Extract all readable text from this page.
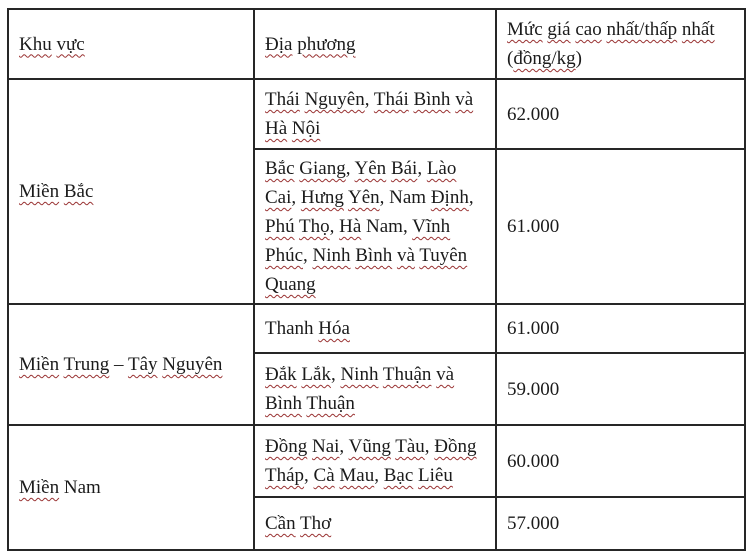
Khu vực	Địa phương	Mức giá cao nhất/thấp nhất (đồng/kg)
Miền Bắc	Thái Nguyên, Thái Bình và Hà Nội	62.000
	Bắc Giang, Yên Bái, Lào Cai, Hưng Yên, Nam Định, Phú Thọ, Hà Nam, Vĩnh Phúc, Ninh Bình và Tuyên Quang	61.000
Miền Trung – Tây Nguyên	Thanh Hóa	61.000
	Đắk Lắk, Ninh Thuận và Bình Thuận	59.000
Miền Nam	Đồng Nai, Vũng Tàu, Đồng Tháp, Cà Mau, Bạc Liêu	60.000
	Cần Thơ	57.000
